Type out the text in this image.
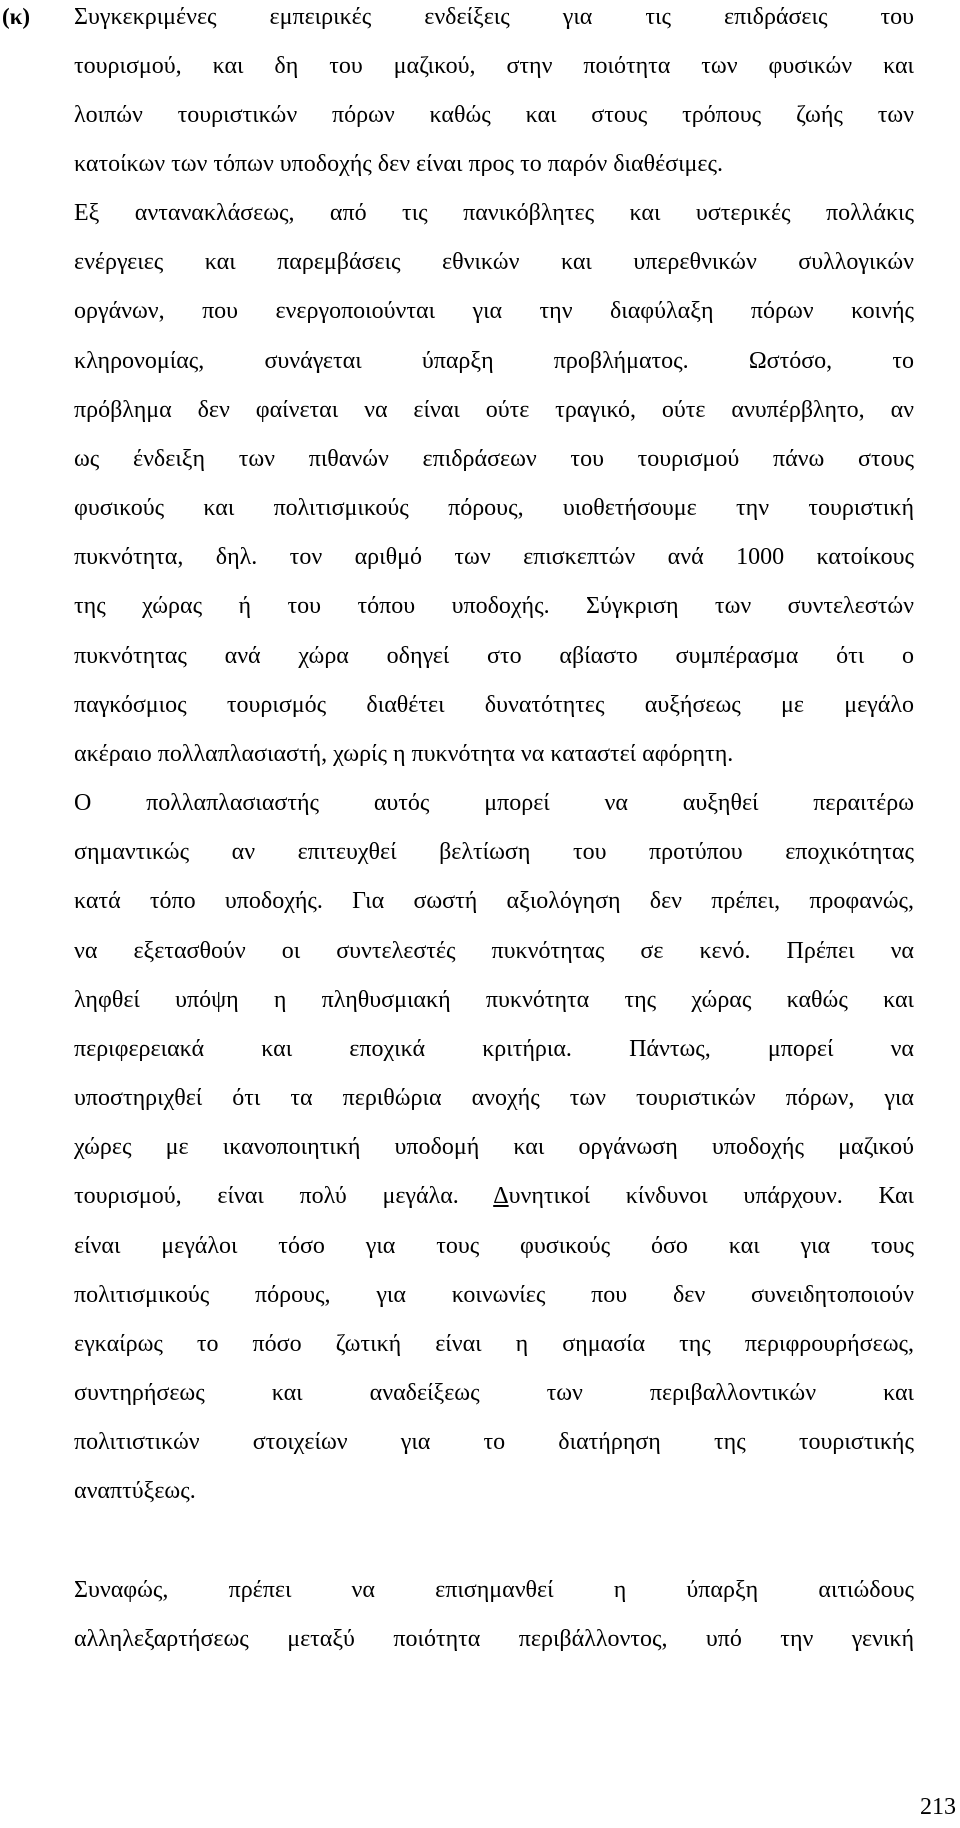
(κ) Συγκεκριμένες εμπειρικές ενδείξεις για τις επιδράσεις του
τουρισμού, και δη του μαζικού, στην ποιότητα των φυσικών και
λοιπών τουριστικών πόρων καθώς και στους τρόπους ζωής των
κατοίκων των τόπων υποδοχής δεν είναι προς το παρόν διαθέσιμες.
Εξ αντανακλάσεως, από τις πανικόβλητες και υστερικές πολλάκις
ενέργειες και παρεμβάσεις εθνικών και υπερεθνικών συλλογικών
οργάνων, που ενεργοποιούνται για την διαφύλαξη πόρων κοινής
κληρονομίας, συνάγεται ύπαρξη προβλήματος. Ωστόσο, το
πρόβλημα δεν φαίνεται να είναι ούτε τραγικό, ούτε ανυπέρβλητο, αν
ως ένδειξη των πιθανών επιδράσεων του τουρισμού πάνω στους
φυσικούς και πολιτισμικούς πόρους, υιοθετήσουμε την τουριστική
πυκνότητα, δηλ. τον αριθμό των επισκεπτών ανά 1000 κατοίκους
της χώρας ή του τόπου υποδοχής. Σύγκριση των συντελεστών
πυκνότητας ανά χώρα οδηγεί στο αβίαστο συμπέρασμα ότι ο
παγκόσμιος τουρισμός διαθέτει δυνατότητες αυξήσεως με μεγάλο
ακέραιο πολλαπλασιαστή, χωρίς η πυκνότητα να καταστεί αφόρητη.
Ο πολλαπλασιαστής αυτός μπορεί να αυξηθεί περαιτέρω
σημαντικώς αν επιτευχθεί βελτίωση του προτύπου εποχικότητας
κατά τόπο υποδοχής. Για σωστή αξιολόγηση δεν πρέπει, προφανώς,
να εξετασθούν οι συντελεστές πυκνότητας σε κενό. Πρέπει να
ληφθεί υπόψη η πληθυσμιακή πυκνότητα της χώρας καθώς και
περιφερειακά και εποχικά κριτήρια. Πάντως, μπορεί να
υποστηριχθεί ότι τα περιθώρια ανοχής των τουριστικών πόρων, για
χώρες με ικανοποιητική υποδομή και οργάνωση υποδοχής μαζικού
τουρισμού, είναι πολύ μεγάλα. Δυνητικοί κίνδυνοι υπάρχουν. Και
είναι μεγάλοι τόσο για τους φυσικούς όσο και για τους
πολιτισμικούς πόρους, για κοινωνίες που δεν συνειδητοποιούν
εγκαίρως το πόσο ζωτική είναι η σημασία της περιφρουρήσεως,
συντηρήσεως και αναδείξεως των περιβαλλοντικών και
πολιτιστικών στοιχείων για το διατήρηση της τουριστικής
αναπτύξεως.
Συναφώς, πρέπει να επισημανθεί η ύπαρξη αιτιώδους
αλληλεξαρτήσεως μεταξύ ποιότητα περιβάλλοντος, υπό την γενική
213
